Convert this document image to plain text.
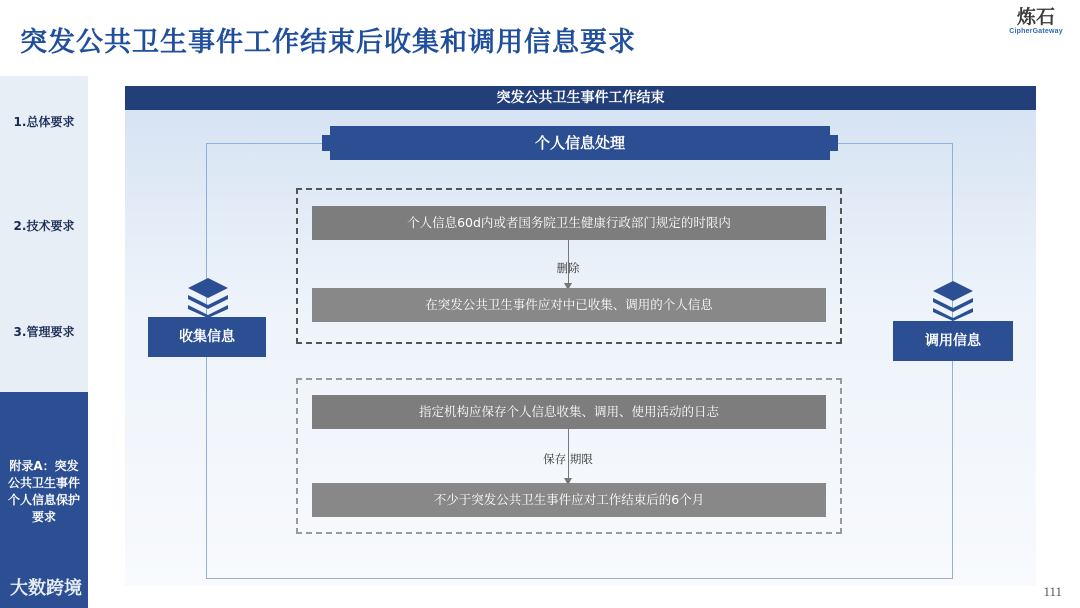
突发公共卫生事件工作结束后收集和调用信息要求
炼石
CipherGateway
1.总体要求
2.技术要求
3.管理要求
附录A：突发公共卫生事件个人信息保护要求
突发公共卫生事件工作结束
个人信息处理
个人信息60d内或者国务院卫生健康行政部门规定的时限内
删除
在突发公共卫生事件应对中已收集、调用的个人信息
指定机构应保存个人信息收集、调用、使用活动的日志
保存 期限
不少于突发公共卫生事件应对工作结束后的6个月
收集信息	调用信息
111
大数跨境
